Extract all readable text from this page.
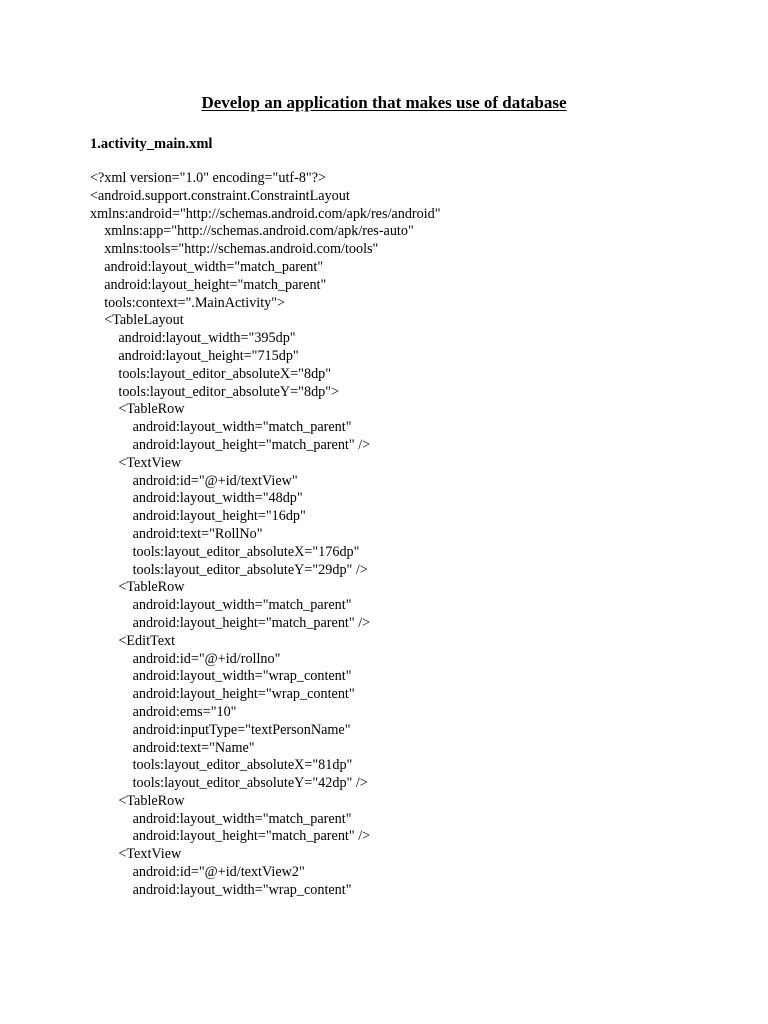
Develop an application that makes use of database
1.activity_main.xml
<?xml version="1.0" encoding="utf-8"?>
<android.support.constraint.ConstraintLayout
xmlns:android="http://schemas.android.com/apk/res/android"
xmlns:app="http://schemas.android.com/apk/res-auto"
xmlns:tools="http://schemas.android.com/tools"
android:layout_width="match_parent"
android:layout_height="match_parent"
tools:context=".MainActivity">
<TableLayout
android:layout_width="395dp"
android:layout_height="715dp"
tools:layout_editor_absoluteX="8dp"
tools:layout_editor_absoluteY="8dp">
<TableRow
android:layout_width="match_parent"
android:layout_height="match_parent" />
<TextView
android:id="@+id/textView"
android:layout_width="48dp"
android:layout_height="16dp"
android:text="RollNo"
tools:layout_editor_absoluteX="176dp"
tools:layout_editor_absoluteY="29dp" />
<TableRow
android:layout_width="match_parent"
android:layout_height="match_parent" />
<EditText
android:id="@+id/rollno"
android:layout_width="wrap_content"
android:layout_height="wrap_content"
android:ems="10"
android:inputType="textPersonName"
android:text="Name"
tools:layout_editor_absoluteX="81dp"
tools:layout_editor_absoluteY="42dp" />
<TableRow
android:layout_width="match_parent"
android:layout_height="match_parent" />
<TextView
android:id="@+id/textView2"
android:layout_width="wrap_content"
